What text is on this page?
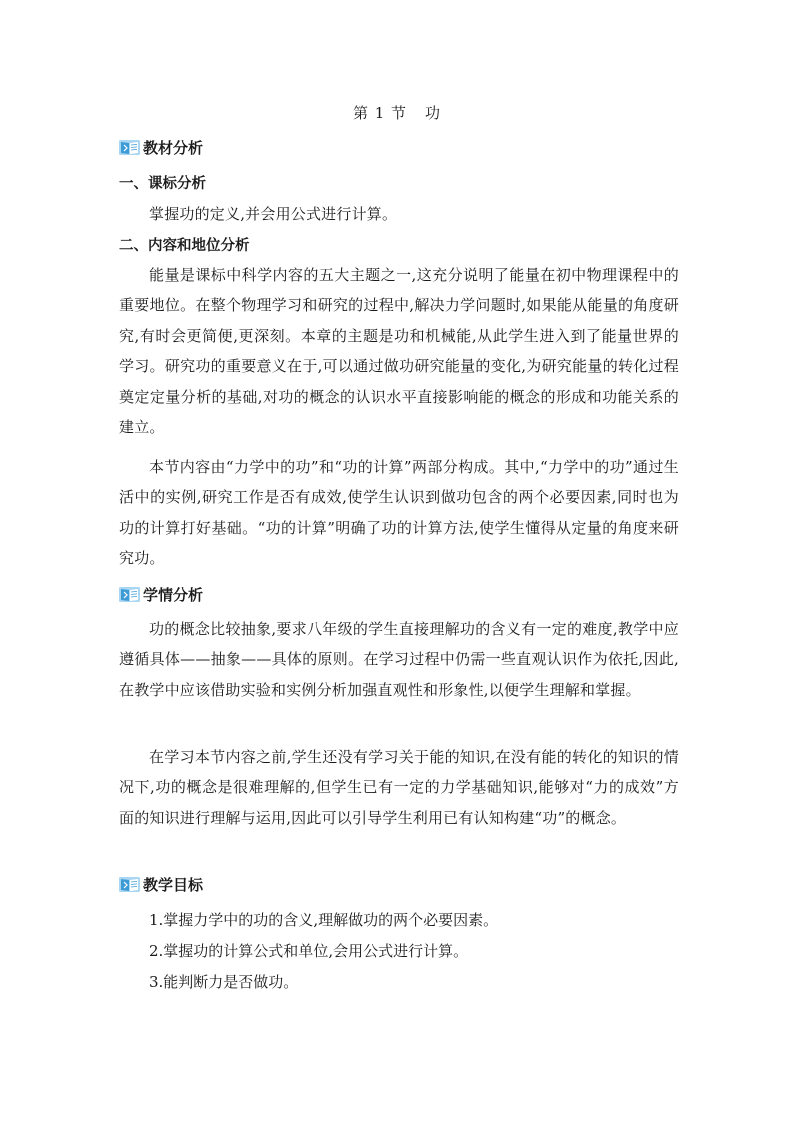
第 1 节 功
教材分析
一、课标分析
掌握功的定义,并会用公式进行计算。
二、内容和地位分析
能量是课标中科学内容的五大主题之一,这充分说明了能量在初中物理课程中的重要地位。在整个物理学习和研究的过程中,解决力学问题时,如果能从能量的角度研究,有时会更简便,更深刻。本章的主题是功和机械能,从此学生进入到了能量世界的学习。研究功的重要意义在于,可以通过做功研究能量的变化,为研究能量的转化过程奠定定量分析的基础,对功的概念的认识水平直接影响能的概念的形成和功能关系的建立。
本节内容由“力学中的功”和“功的计算”两部分构成。其中,“力学中的功”通过生活中的实例,研究工作是否有成效,使学生认识到做功包含的两个必要因素,同时也为功的计算打好基础。“功的计算”明确了功的计算方法,使学生懂得从定量的角度来研究功。
学情分析
功的概念比较抽象,要求八年级的学生直接理解功的含义有一定的难度,教学中应遵循具体——抽象——具体的原则。在学习过程中仍需一些直观认识作为依托,因此,在教学中应该借助实验和实例分析加强直观性和形象性,以便学生理解和掌握。
在学习本节内容之前,学生还没有学习关于能的知识,在没有能的转化的知识的情况下,功的概念是很难理解的,但学生已有一定的力学基础知识,能够对“力的成效”方面的知识进行理解与运用,因此可以引导学生利用已有认知构建“功”的概念。
教学目标
1.掌握力学中的功的含义,理解做功的两个必要因素。
2.掌握功的计算公式和单位,会用公式进行计算。
3.能判断力是否做功。
